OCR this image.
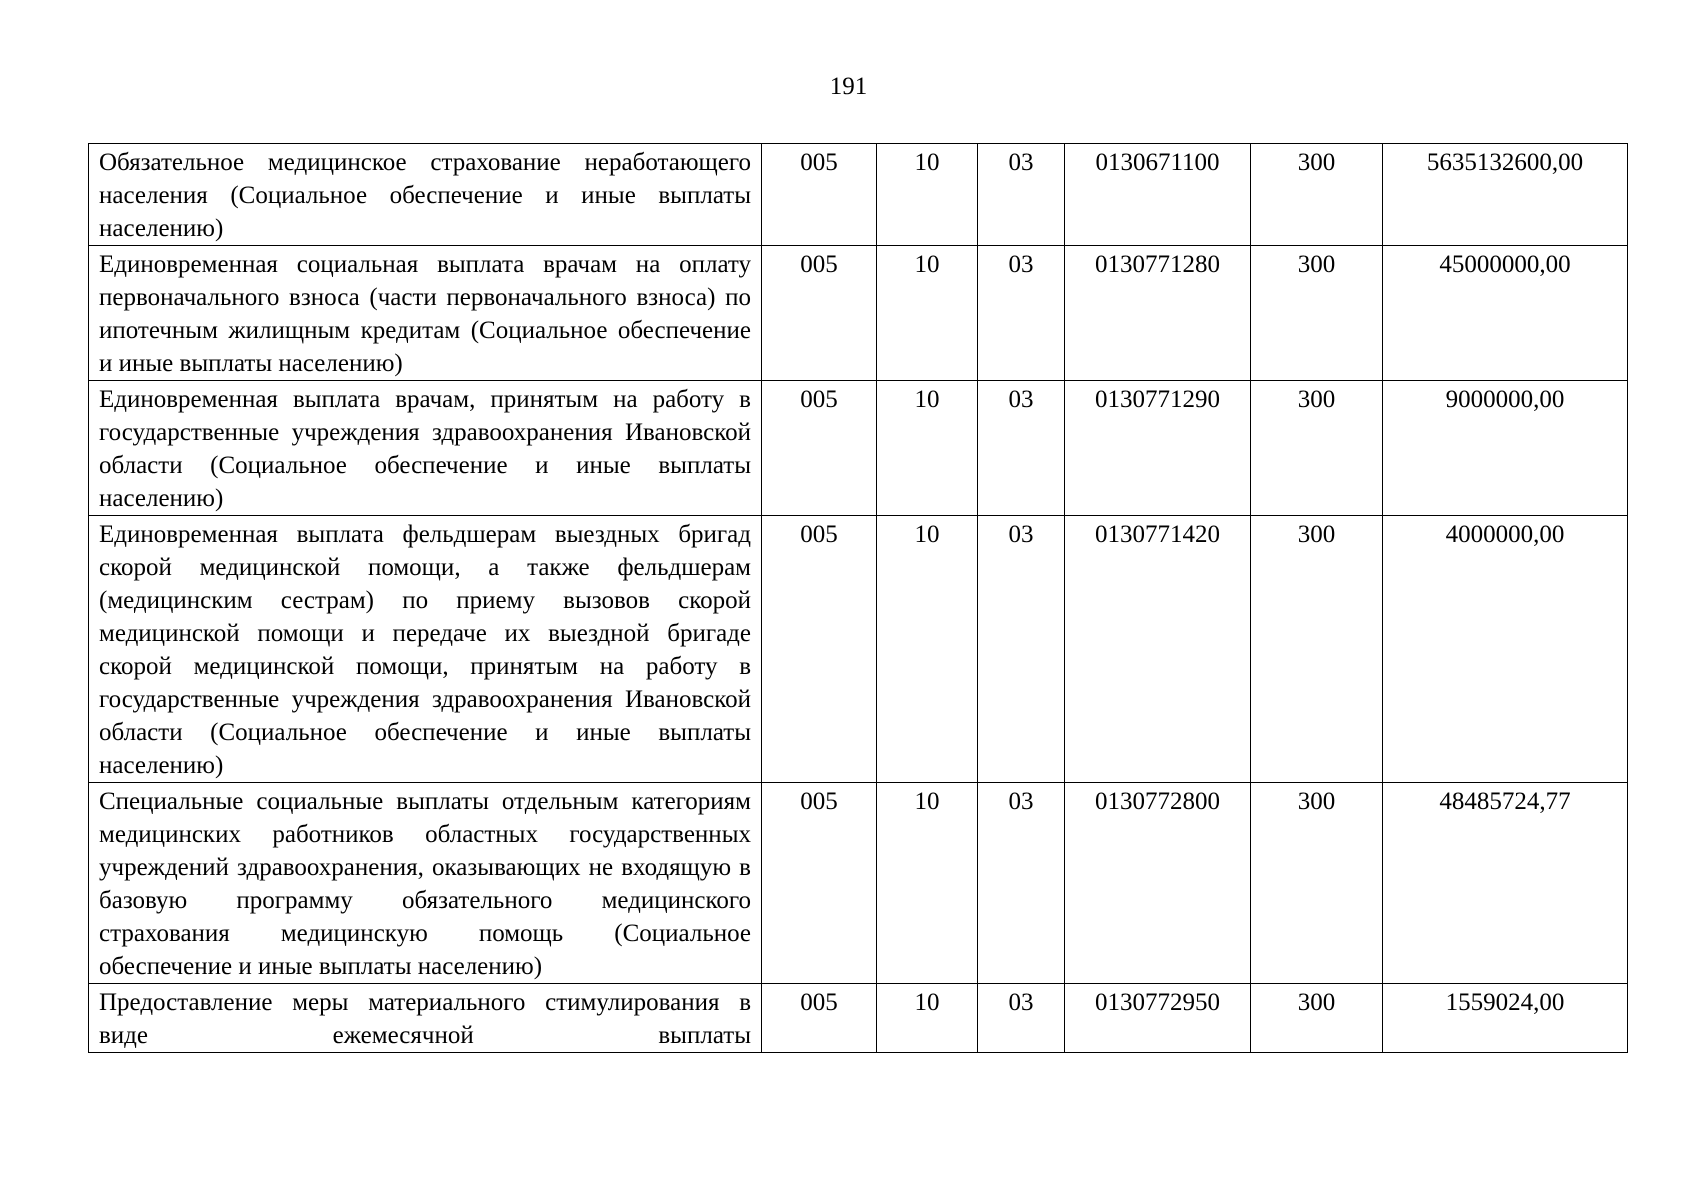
191
Обязательное медицинское страхование неработающего населения (Социальное обеспечение и иные выплаты населению)	005	10	03	0130671100	300	5635132600,00
Единовременная социальная выплата врачам на оплату первоначального взноса (части первоначального взноса) по ипотечным жилищным кредитам (Социальное обеспечение и иные выплаты населению)	005	10	03	0130771280	300	45000000,00
Единовременная выплата врачам, принятым на работу в государственные учреждения здравоохранения Ивановской области (Социальное обеспечение и иные выплаты населению)	005	10	03	0130771290	300	9000000,00
Единовременная выплата фельдшерам выездных бригад скорой медицинской помощи, а также фельдшерам (медицинским сестрам) по приему вызовов скорой медицинской помощи и передаче их выездной бригаде скорой медицинской помощи, принятым на работу в государственные учреждения здравоохранения Ивановской области (Социальное обеспечение и иные выплаты населению)	005	10	03	0130771420	300	4000000,00
Специальные социальные выплаты отдельным категориям медицинских работников областных государственных учреждений здравоохранения, оказывающих не входящую в базовую программу обязательного медицинского страхования медицинскую помощь (Социальное обеспечение и иные выплаты населению)	005	10	03	0130772800	300	48485724,77

Предоставление меры материального стимулирования в виде ежемесячной выплаты	005	10	03	0130772950	300	1559024,00
